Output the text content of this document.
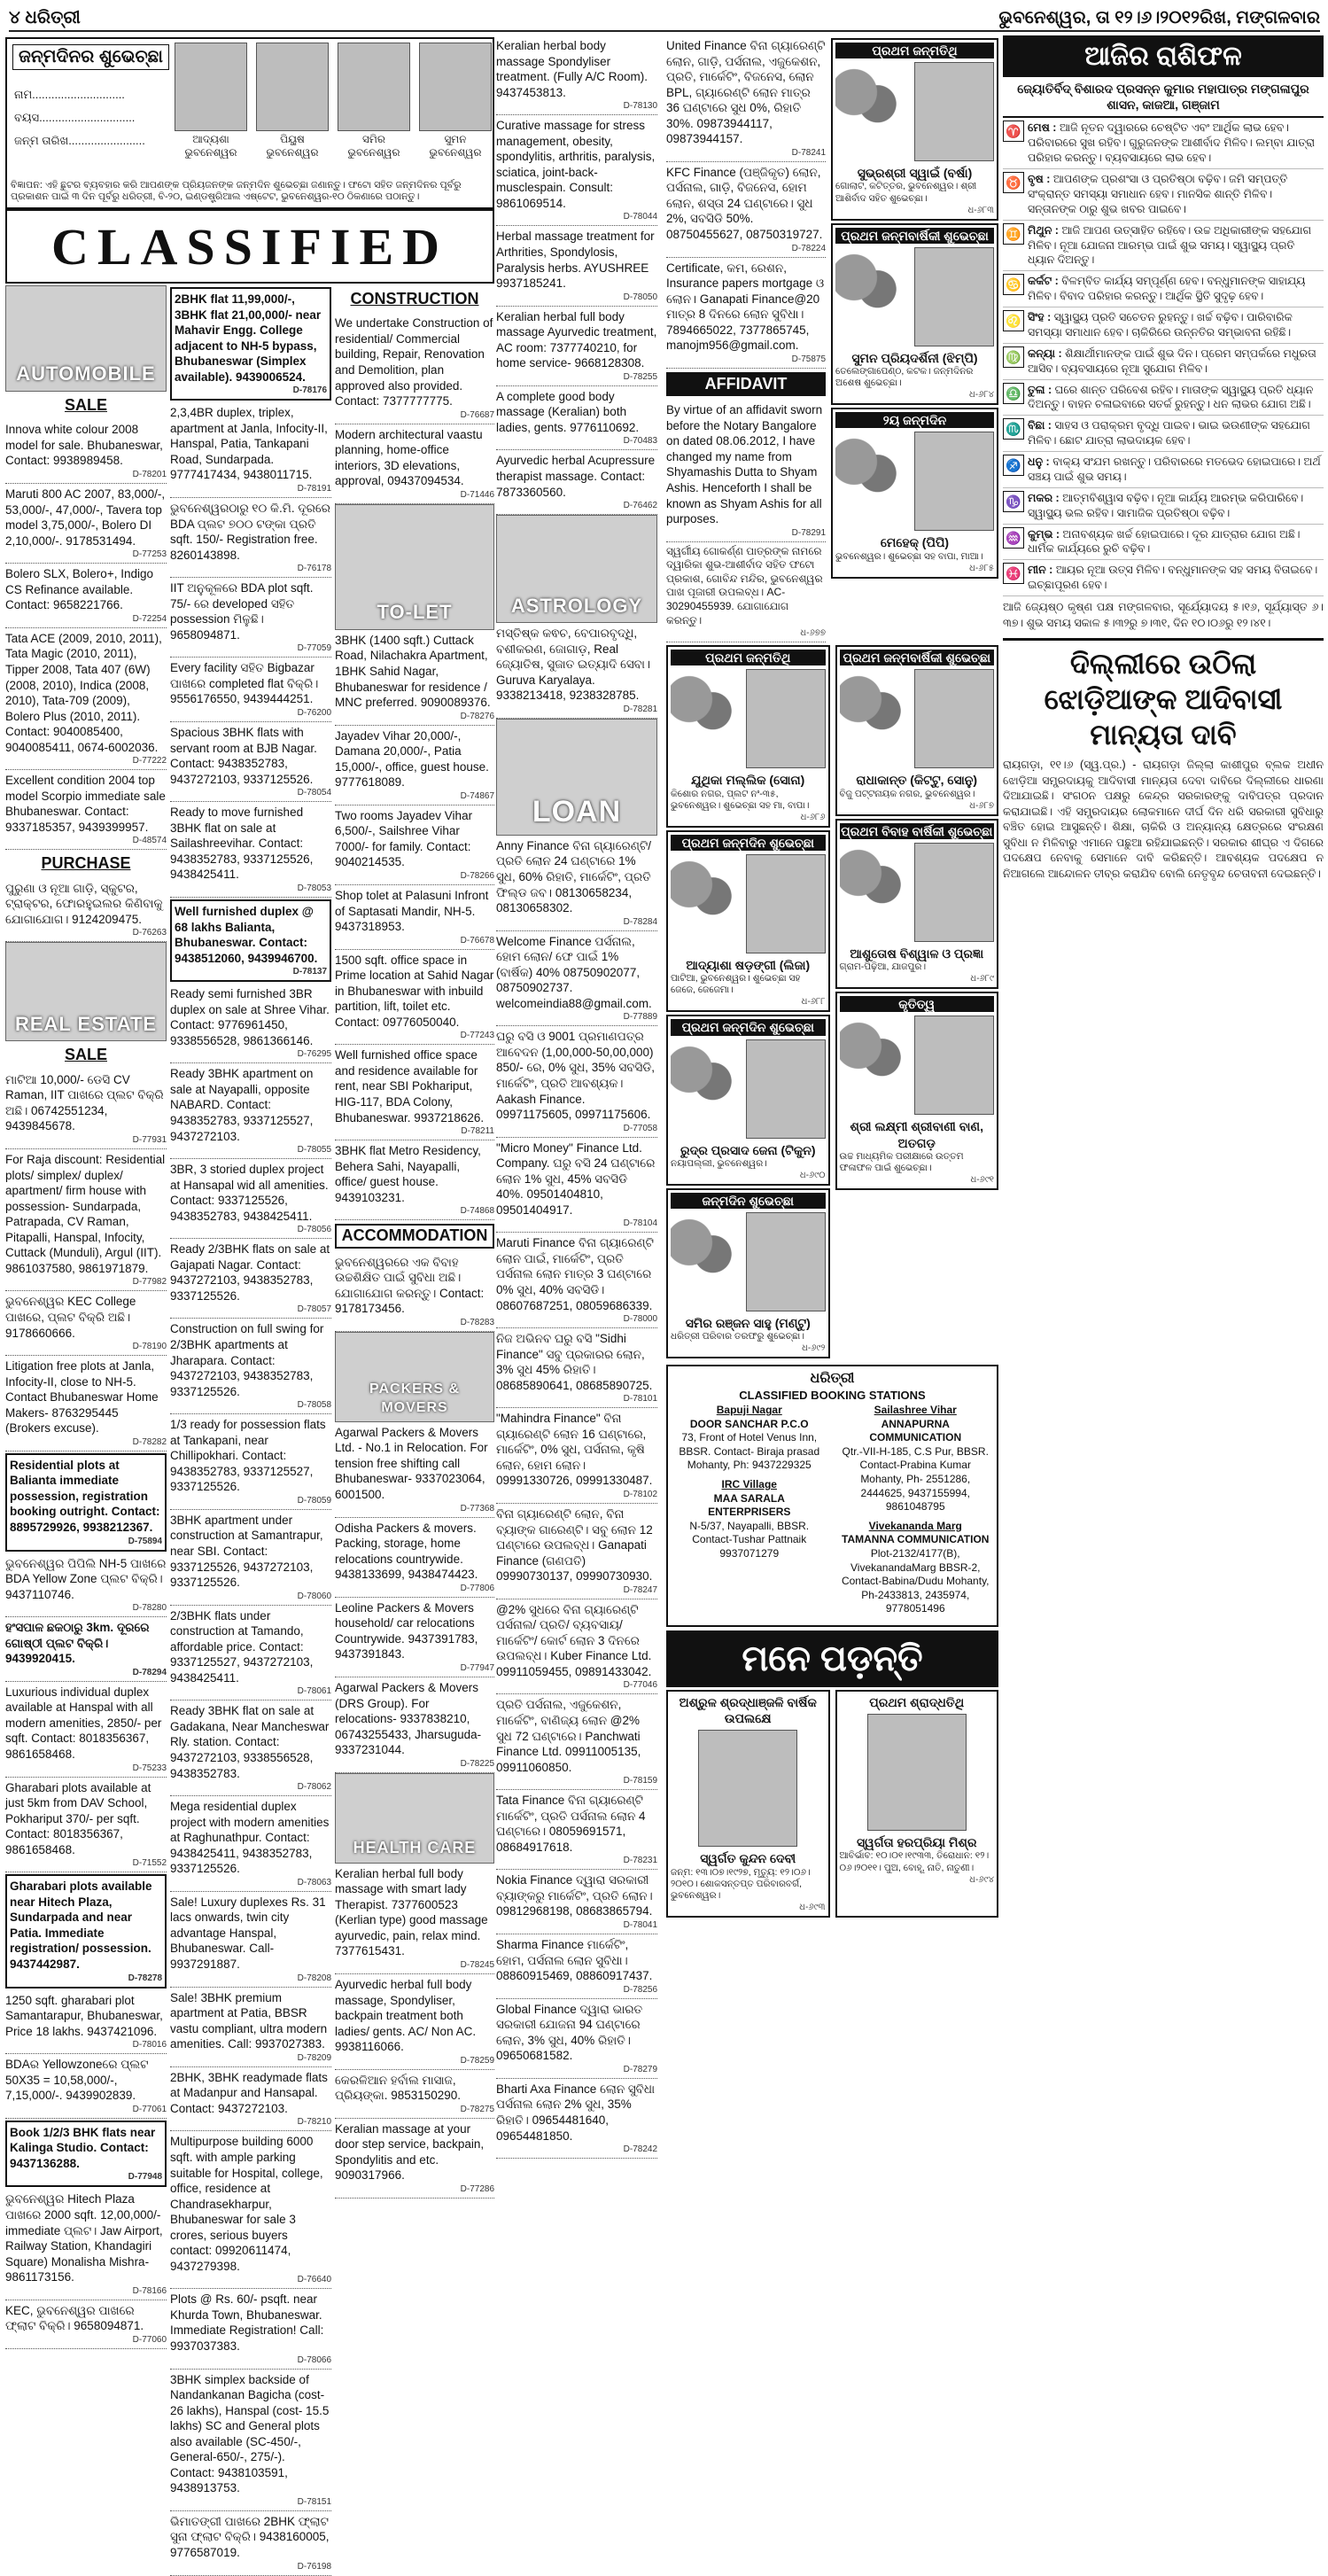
୪ ଧରିତ୍ରୀ	ଭୁବନେଶ୍ୱର, ତା ୧୨।୬।୨୦୧୨ରିଖ, ମଙ୍ଗଳବାର
ଜନ୍ମଦିନର ଶୁଭେଚ୍ଛା
ନାମ.............................
ବୟସ..............................
ଜନ୍ମ ତାରିଖ........................	ଆଦ୍ୟଶା
ଭୁବନେଶ୍ୱର
ପିୟୁଷ
ଭୁବନେଶ୍ୱର
ସମିର
ଭୁବନେଶ୍ୱର
ସୁମନ
ଭୁବନେଶ୍ୱର
ବିଜ୍ଞାପନ: ଏହି ଛୁଟର ବ୍ୟବହାର କରି ଆପଣଙ୍କ ପ୍ରିୟଜନଙ୍କ ଜନ୍ମଦିନ ଶୁଭେଚ୍ଛା ଜଣାନ୍ତୁ। ଫଟୋ ସହିତ ଜନ୍ମଦିନର ପୂର୍ବରୁ ପ୍ରକାଶନ ପାଇଁ ୩ ଦିନ ପୂର୍ବରୁ ଧରିତ୍ରୀ, ବି-୨୦, ଇଣ୍ଡଷ୍ଟ୍ରିଆଲ ଏଷ୍ଟେଟ, ଭୁବନେଶ୍ୱର-୧୦ ଠିକଣାରେ ପଠାନ୍ତୁ।
CLASSIFIED
AUTOMOBILE
SALE
Innova white colour 2008 model for sale. Bhubaneswar, Contact: 9938989458.
D-78201
Maruti 800 AC 2007, 83,000/-, 53,000/-, 47,000/-, Tavera top model 3,75,000/-, Bolero DI 2,10,000/-. 9178531494.
D-77253
Bolero SLX, Bolero+, Indigo CS Refinance available. Contact: 9658221766.
D-72254
Tata ACE (2009, 2010, 2011), Tata Magic (2010, 2011), Tipper 2008, Tata 407 (6W) (2008, 2010), Indica (2008, 2010), Tata-709 (2009), Bolero Plus (2010, 2011). Contact: 9040085400, 9040085411, 0674-6002036.
D-77222
Excellent condition 2004 top model Scorpio immediate sale Bhubaneswar. Contact: 9337185357, 9439399957.
D-48574
PURCHASE
ପୁରୁଣା ଓ ନୂଆ ଗାଡ଼ି, ସ୍କୁଟର, ଟ୍ରାକ୍ଟର, ଫୋରହୁଇଲର କିଣିବାକୁ ଯୋଗାଯୋଗ। 9124209475.
D-76263
REAL ESTATE
SALE
ମାଟିଆ 10,000/- ଡେସି CV Raman, IIT ପାଖରେ ପ୍ଲଟ ବିକ୍ରି ଅଛି। 06742551234, 9439845678.
D-77931
For Raja discount: Residential plots/ simplex/ duplex/ apartment/ firm house with possession- Sundarpada, Patrapada, CV Raman, Pitapalli, Hanspal, Infocity, Cuttack (Munduli), Argul (IIT). 9861037580, 9861971879.
D-77982
ଭୁବନେଶ୍ୱର KEC College ପାଖରେ, ପ୍ଲଟ ବିକ୍ରି ଅଛି। 9178660666.
D-78190
Litigation free plots at Janla, Infocity-II, close to NH-5. Contact Bhubaneswar Home Makers- 8763295445 (Brokers excuse).
D-78282
Residential plots at Balianta immediate possession, registration booking outright. Contact: 8895729926, 9938212367.
D-75894
ଭୁବନେଶ୍ୱର ପିପିଲି NH-5 ପାଖରେ BDA Yellow Zone ପ୍ଲଟ ବିକ୍ରି। 9437110746.
D-78280
ହଂସପାଳ ଛକଠାରୁ 3km. ଦୂରରେ ଗୋଷ୍ଠୀ ପ୍ଲଟ ବିକ୍ରି। 9439920415.
D-78294
Luxurious individual duplex available at Hanspal with all modern amenities, 2850/- per sqft. Contact: 8018356367, 9861658468.
D-75233
Gharabari plots available at just 5km from DAV School, Pokhariput 370/- per sqft. Contact: 8018356367, 9861658468.
D-71552
Gharabari plots available near Hitech Plaza, Sundarpada and near Patia. Immediate registration/ possession. 9437442987.
D-78278
1250 sqft. gharabari plot Samantarapur, Bhubaneswar, Price 18 lakhs. 9437421096.
D-78016
BDAର Yellowzoneରେ ପ୍ଲଟ 50X35 = 10,58,000/-, 7,15,000/-. 9439902839.
D-77061
Book 1/2/3 BHK flats near Kalinga Studio. Contact: 9437136288.
D-77948
ଭୁବନେଶ୍ୱର Hitech Plaza ପାଖରେ 2000 sqft. 12,00,000/- immediate ପ୍ଲଟ। Jaw Airport, Railway Station, Khandagiri Square) Monalisha Mishra- 9861173156.
D-78166
KEC, ଭୁବନେଶ୍ୱର ପାଖରେ ଫ୍ଲାଟ ବିକ୍ରି। 9658094871.
D-77060
2BHK flat 11,99,000/-, 3BHK flat 21,00,000/- near Mahavir Engg. College adjacent to NH-5 bypass, Bhubaneswar (Simplex available). 9439006524.
D-78176
2,3,4BR duplex, triplex, apartment at Janla, Infocity-II, Hanspal, Patia, Tankapani Road, Sundarpada. 9777417434, 9438011715.
D-78191
ଭୁବନେଶ୍ୱରଠାରୁ ୧୦ କି.ମି. ଦୂରରେ BDA ପ୍ଲଟ ୭୦୦ ଟଙ୍କା ପ୍ରତି sqft. 150/- Registration free. 8260143898.
D-76178
IIT ଅନୁକୂଳରେ BDA plot sqft. 75/- ରେ developed ସହିତ possession ମିଳୁଛି। 9658094871.
D-77059
Every facility ସହିତ Bigbazar ପାଖରେ completed flat ବିକ୍ରି। 9556176550, 9439444251.
D-76200
Spacious 3BHK flats with servant room at BJB Nagar. Contact: 9438352783, 9437272103, 9337125526.
D-78054
Ready to move furnished 3BHK flat on sale at Sailashreevihar. Contact: 9438352783, 9337125526, 9438425411.
D-78053
Well furnished duplex @ 68 lakhs Balianta, Bhubaneswar. Contact: 9438512060, 9439946700.
D-78137
Ready semi furnished 3BR duplex on sale at Shree Vihar. Contact: 9776961450, 9338556528, 9861366146.
D-76295
Ready 3BHK apartment on sale at Nayapalli, opposite NABARD. Contact: 9438352783, 9337125527, 9437272103.
D-78055
3BR, 3 storied duplex project at Hansapal wid all amenities. Contact: 9337125526, 9438352783, 9438425411.
D-78056
Ready 2/3BHK flats on sale at Gajapati Nagar. Contact: 9437272103, 9438352783, 9337125526.
D-78057
Construction on full swing for 2/3BHK apartments at Jharapara. Contact: 9437272103, 9438352783, 9337125526.
D-78058
1/3 ready for possession flats at Tankapani, near Chillipokhari. Contact: 9438352783, 9337125527, 9337125526.
D-78059
3BHK apartment under construction at Samantrapur, near SBI. Contact: 9337125526, 9437272103, 9337125526.
D-78060
2/3BHK flats under construction at Tamando, affordable price. Contact: 9337125527, 9437272103, 9438425411.
D-78061
Ready 3BHK flat on sale at Gadakana, Near Mancheswar Rly. station. Contact: 9437272103, 9338556528, 9438352783.
D-78062
Mega residential duplex project with modern amenities at Raghunathpur. Contact: 9438425411, 9438352783, 9337125526.
D-78063
Sale! Luxury duplexes Rs. 31 lacs onwards, twin city advantage Hanspal, Bhubaneswar. Call-9937291887.
D-78208
Sale! 3BHK premium apartment at Patia, BBSR vastu compliant, ultra modern amenities. Call: 9937027383.
D-78209
2BHK, 3BHK readymade flats at Madanpur and Hansapal. Contact: 9437272103.
D-78210
Multipurpose building 6000 sqft. with ample parking suitable for Hospital, college, office, residence at Chandrasekharpur, Bhubaneswar for sale 3 crores, serious buyers contact: 09920611474, 9437279398.
D-76640
Plots @ Rs. 60/- psqft. near Khurda Town, Bhubaneswar. Immediate Registration! Call: 9937037383.
D-78066
3BHK simplex backside of Nandankanan Bagicha (cost-26 lakhs), Hanspal (cost- 15.5 lakhs) SC and General plots also available (SC-450/-, General-650/-, 275/-). Contact: 9438103591, 9438913753.
D-78151
ଭିମାତଙ୍ଗୀ ପାଖରେ 2BHK ଫ୍ଲାଟ ସୁନା ଫ୍ଲାଟ ବିକ୍ରି। 9438160005, 9776587019.
D-76198
CONSTRUCTION
We undertake Construction of residential/ Commercial building, Repair, Renovation and Demolition, plan approved also provided. Contact: 7377777775.
D-76687
Modern architectural vaastu planning, home-office interiors, 3D elevations, approval, 09437094534.
D-71446
TO-LET
3BHK (1400 sqft.) Cuttack Road, Nilachakra Apartment, 1BHK Sahid Nagar, Bhubaneswar for residence / MNC preferred. 9090089376.
D-78276
Jayadev Vihar 20,000/-, Damana 20,000/-, Patia 15,000/-, office, guest house. 9777618089.
D-74867
Two rooms Jayadev Vihar 6,500/-, Sailshree Vihar 7000/- for family. Contact: 9040214535.
D-78266
Shop tolet at Palasuni Infront of Saptasati Mandir, NH-5. 9437318953.
D-76678
1500 sqft. office space in Prime location at Sahid Nagar in Bhubaneswar with inbuild partition, lift, toilet etc. Contact: 09776050040.
D-77243
Well furnished office space and residence available for rent, near SBI Pokhariput, HIG-117, BDA Colony, Bhubaneswar. 9937218626.
D-78211
3BHK flat Metro Residency, Behera Sahi, Nayapalli, office/ guest house. 9439103231.
D-74868
ACCOMMODATION
ଭୁବନେଶ୍ୱରରେ ଏକ ବିବାହ ଉଚ୍ଚଶିକ୍ଷିତ ପାଇଁ ସୁବିଧା ଅଛି। ଯୋଗାଯୋଗ କରନ୍ତୁ। Contact: 9178173456.
D-78283
PACKERS & MOVERS
Agarwal Packers & Movers Ltd. - No.1 in Relocation. For tension free shifting call Bhubaneswar- 9337023064, 6001500.
D-77368
Odisha Packers & movers. Packing, storage, home relocations countrywide. 9438133699, 9438474423.
D-77806
Leoline Packers & Movers household/ car relocations Countrywide. 9437391783, 9437391843.
D-77947
Agarwal Packers & Movers (DRS Group). For relocations- 9337838210, 06743255433, Jharsuguda- 9337231044.
D-78225
HEALTH CARE
Keralian herbal full body massage with smart lady Therapist. 7377600523 (Kerlian type) good massage ayurvedic, pain, relax mind. 7377615431.
D-78245
Ayurvedic herbal full body massage, Spondyliser, backpain treatment both ladies/ gents. AC/ Non AC. 9938116066.
D-78259
କେରଳିଆନ ହର୍ବାଲ ମାସାଜ, ପ୍ରିୟଙ୍କା. 9853150290.
D-78275
Keralian massage at your door step service, backpain, Spondylitis and etc. 9090317966.
D-77286
Keralian herbal body massage Spondyliser treatment. (Fully A/C Room). 9437453813.
D-78130
Curative massage for stress management, obesity, spondylitis, arthritis, paralysis, sciatica, joint-back- musclespain. Consult: 9861069514.
D-78044
Herbal massage treatment for Arthrities, Spondylosis, Paralysis herbs. AYUSHREE 9937185241.
D-78050
Keralian herbal full body massage Ayurvedic treatment, AC room: 7377740210, for home service- 9668128308.
D-78255
A complete good body massage (Keralian) both ladies, gents. 9776110692.
D-70483
Ayurvedic herbal Acupressure therapist massage. Contact: 7873360560.
D-76462
ASTROLOGY
ମସ୍ତିଷ୍କ କଵଚ, ବେପାରବୃଦ୍ଧି, ବଶୀକରଣ, ଜୋଗାଡ଼, Real ଜ୍ୟୋତିଷ, ସୁଜାତ ଇତ୍ୟାଦି ସେବା। Guruva Karyalaya. 9338213418, 9238328785.
D-78281
LOAN
Anny Finance ବିନା ଗ୍ୟାରେଣ୍ଟି/ ପ୍ରତି ଲୋନ 24 ଘଣ୍ଟାରେ 1% ସୁଧ, 60% ରିହାତି, ମାର୍କେଟିଂ, ପ୍ରତି ଫିଲ୍ଡ ଜବ। 08130658234, 08130658302.
D-78284
Welcome Finance ପର୍ସନାଲ, ହୋମ ଲୋନ/ ଫେ ପାଇଁ 1% (ବାର୍ଷିକ) 40% 08750902077, 08750902737. welcomeindia88@gmail.com.
D-77889
ଘରୁ ବସି ଓ 9001 ପ୍ରମାଣପତ୍ର ଆବେଦନ (1,00,000-50,00,000) 850/- ରେ, 0% ସୁଧ, 35% ସବସିଡି, ମାର୍କେଟିଂ, ପ୍ରତି ଆବଶ୍ୟକ। Aakash Finance. 09971175605, 09971175606.
D-77058
"Micro Money" Finance Ltd. Company. ଘରୁ ବସି 24 ଘଣ୍ଟାରେ ଲୋନ 1% ସୁଧ, 45% ସବସିଡି 40%. 09501404810, 09501404917.
D-78104
Maruti Finance ବିନା ଗ୍ୟାରେଣ୍ଟି ଲୋନ ପାଇଁ, ମାର୍କେଟିଂ, ପ୍ରତି ପର୍ସନାଲ ଲୋନ ମାତ୍ର 3 ଘଣ୍ଟାରେ 0% ସୁଧ, 40% ସବସିଡି। 08607687251, 08059686339.
D-78000
ନିଜ ଅଭିନବ ଘରୁ ବସି "Sidhi Finance" ସବୁ ପ୍ରକାରର ଲୋନ, 3% ସୁଧ 45% ରିହାତି। 08685890641, 08685890725.
D-78101
"Mahindra Finance" ବିନା ଗ୍ୟାରେଣ୍ଟି ଲୋନ 16 ଘଣ୍ଟାରେ, ମାର୍କେଟିଂ, 0% ସୁଧ, ପର୍ସନାଲ, କୃଷି ଲୋନ, ହୋମ ଲୋନ। 09991330726, 09991330487.
D-78102
ବିନା ଗ୍ୟାରେଣ୍ଟି ଲୋନ, ବିନା ବ୍ୟାଙ୍କ ଗାରେଣ୍ଟି। ସବୁ ଲୋନ 12 ଘଣ୍ଟାରେ ଉପଲବ୍ଧ। Ganapati Finance (ଗଣପତି) 09990730137, 09990730930.
D-78247
@2% ସୁଧରେ ବିନା ଗ୍ୟାରେଣ୍ଟି ପର୍ସନାଲ/ ପ୍ରତି/ ବ୍ୟବସାୟ/ ମାର୍କେଟିଂ/ କୋର୍ଟ ଲୋନ 3 ଦିନରେ ଉପଲବ୍ଧ। Kuber Finance Ltd. 09911059455, 09891433042.
D-77046
ପ୍ରତି ପର୍ସନାଲ, ଏଜୁକେଶନ, ମାର୍କେଟିଂ, ବାଣିଜ୍ୟ ଲୋନ @2% ସୁଧ 72 ଘଣ୍ଟାରେ। Panchwati Finance Ltd. 09911005135, 09911060850.
D-78159
Tata Finance ବିନା ଗ୍ୟାରେଣ୍ଟି ମାର୍କେଟିଂ, ପ୍ରତି ପର୍ସନାଲ ଲୋନ 4 ଘଣ୍ଟାରେ। 08059691571, 08684917618.
D-78231
Nokia Finance ଦ୍ୱାରା ସରକାରୀ ବ୍ୟାଙ୍କରୁ ମାର୍କେଟିଂ, ପ୍ରତି ଲୋନ। 09812968198, 08683865794.
D-78041
Sharma Finance ମାର୍କେଟିଂ, ହୋମ, ପର୍ସନାଲ ଲୋନ ସୁବିଧା। 08860915469, 08860917437.
D-78256
Global Finance ଦ୍ୱାରା ଭାରତ ସରକାରୀ ଯୋଜନା 94 ଘଣ୍ଟାରେ ଲୋନ, 3% ସୁଧ, 40% ରିହାତି। 09650681582.
D-78279
Bharti Axa Finance ଲୋନ ସୁବିଧା ପର୍ସନାଲ ଲୋନ 2% ସୁଧ, 35% ରିହାତି। 09654481640, 09654481850.
D-78242
United Finance ବିନା ଗ୍ୟାରେଣ୍ଟି ଲୋନ, ଗାଡ଼ି, ପର୍ସନାଲ, ଏଜୁକେଶନ, ପ୍ରତି, ମାର୍କେଟିଂ, ବିଜନେସ, ଲୋନ BPL, ଗ୍ୟାରେଣ୍ଟି ଲୋନ ମାତ୍ର 36 ଘଣ୍ଟାରେ ସୁଧ 0%, ରିହାତି 30%. 09873944117, 09873944157.
D-78241
KFC Finance (ପଞ୍ଜିକୃତ) ଲୋନ, ପର୍ସନାଲ, ଗାଡ଼ି, ବିଜନେସ, ହୋମ ଲୋନ, ଶସ୍ତା 24 ଘଣ୍ଟାରେ। ସୁଧ 2%, ସବସିଡି 50%. 08750455627, 08750319727.
D-78224
Certificate, କମ, ରେଶନ, Insurance papers mortgage ଓ ଲୋନ। Ganapati Finance@20 ମାତ୍ର 8 ଦିନରେ ଲୋନ ସୁବିଧା। 7894665022, 7377865745, manojm956@gmail.com.
D-75875
AFFIDAVIT
By virtue of an affidavit sworn before the Notary Bangalore on dated 08.06.2012, I have changed my name from Shyamashis Dutta to Shyam Ashis. Henceforth I shall be known as Shyam Ashis for all purposes.
D-78291
ସ୍ୱର୍ଗୀୟ ଗୋକର୍ଣ୍ଣ ପାତ୍ରଙ୍କ ନାମରେ ଦ୍ୱାରିକା ଶୁଭ-ଆଶୀର୍ବାଦ ସହିତ ଫଟୋ ପ୍ରକାଶ, ଗୋବିନ୍ଦ ମନ୍ଦିର, ଭୁବନେଶ୍ୱର ପାଖ ପୂଜାରୀ ଉପଲବ୍ଧ। AC- 30290455939. ଯୋଗାଯୋଗ କରନ୍ତୁ।
ଧ-୬୭୭
ପ୍ରଥମ ଜନ୍ମତିଥି
ସୁଭ୍ରଶ୍ରୀ ସ୍ୱାଇଁ (ବର୍ଷା)
ଗୋଲାଟ, କଟିତ୍ତର, ଭୁବନେଶ୍ୱର। ଶ୍ରୀ ଆଶିର୍ବାଦ ସହିତ ଶୁଭେଚ୍ଛା।
ଧ-୬୮୩
ପ୍ରଥମ ଜନ୍ମବାର୍ଷିକୀ ଶୁଭେଚ୍ଛା
ସୁମନ ପ୍ରିୟଦର୍ଶିନୀ (ଝିମ୍ପି)
ତେଲେଙ୍ଗାପେଣ୍ଠ, କଟକ। ଜନ୍ମଦିନର ଅଶେଷ ଶୁଭେଚ୍ଛା।
ଧ-୬୮୪
୨ୟ ଜନ୍ମଦିନ
ମେହେକ୍ (ପିପି)
ଭୁବନେଶ୍ୱର। ଶୁଭେଚ୍ଛା ସହ ବାପା, ମାଆ।
ଧ-୬୮୫
ପ୍ରଥମ ଜନ୍ମତିଥି
ଯୁଥିକା ମଲ୍ଲିକ (ସୋନା)
କିଶୋର ନଗର, ପ୍ଲଟ ନଂ-୩୫, ଭୁବନେଶ୍ୱର। ଶୁଭେଚ୍ଛା ସହ ମା, ବାପା।
ଧ-୬୮୬
ପ୍ରଥମ ଜନ୍ମଦିନ ଶୁଭେଚ୍ଛା
ଆଦ୍ୟାଶା ଷଡ଼ଙ୍ଗୀ (ଲିଜା)
ପାଟିଆ, ଭୁବନେଶ୍ୱର। ଶୁଭେଚ୍ଛା ସହ ଜେଜେ, ଜେଜେମା।
ଧ-୬୮୮
ପ୍ରଥମ ଜନ୍ମଦିନ ଶୁଭେଚ୍ଛା
ରୁଦ୍ର ପ୍ରସାଦ ଜେନା (ଟିକୁନ)
ନୟାପଲ୍ଲୀ, ଭୁବନେଶ୍ୱର।
ଧ-୬୯୦
ଜନ୍ମଦିନ ଶୁଭେଚ୍ଛା
ସମିର ରଞ୍ଜନ ସାହୁ (ମଣ୍ଟୁ)
ଧରିତ୍ରୀ ପରିବାର ତରଫରୁ ଶୁଭେଚ୍ଛା।
ଧ-୬୯୨
ପ୍ରଥମ ଜନ୍ମବାର୍ଷିକୀ ଶୁଭେଚ୍ଛା
ରାଧାକାନ୍ତ (କିଟ୍ଟୁ, ସୋନୁ)
ବିଜୁ ପଟ୍ଟନାୟକ ନଗର, ଭୁବନେଶ୍ୱର।
ଧ-୬୮୭
ପ୍ରଥମ ବିବାହ ବାର୍ଷିକୀ ଶୁଭେଚ୍ଛା
ଆଶୁତୋଷ ବିଶ୍ୱାଳ ଓ ପ୍ରଜ୍ଞା
ଗ୍ରାମ-ପିଢ଼ିଆ, ଯାଜପୁର।
ଧ-୬୮୯
କୃତିତ୍ୱ
ଶ୍ରୀ ଲକ୍ଷ୍ମୀ ଶ୍ରୀବାଣୀ ବାଣ, ଅତଗଡ଼
ଉଚ୍ଚ ମାଧ୍ୟମିକ ପରୀକ୍ଷାରେ ଉତ୍ତମ ଫଳାଫଳ ପାଇଁ ଶୁଭେଚ୍ଛା।
ଧ-୬୯୧
ଧରିତ୍ରୀ
CLASSIFIED BOOKING STATIONS
Bapuji Nagar
DOOR SANCHAR P.C.O
73, Front of Hotel Venus Inn, BBSR. Contact- Biraja prasad Mohanty, Ph: 9437229325
IRC Village
MAA SARALA ENTERPRISERS
N-5/37, Nayapalli, BBSR. Contact-Tushar Pattnaik 9937071279
Sailashree Vihar
ANNAPURNA COMMUNICATION
Qtr.-VII-H-185, C.S Pur, BBSR. Contact-Prabina Kumar Mohanty, Ph- 2551286, 2444625, 9437155994, 9861048795
Vivekananda Marg
TAMANNA COMMUNICATION
Plot-2132/4177(B), VivekanandaMarg BBSR-2, Contact-Babina/Dudu Mohanty, Ph-2433813, 2435974, 9778051496
ମନେ ପଡ଼ନ୍ତି
ଅଶ୍ରୁଳ ଶ୍ରଦ୍ଧାଞ୍ଜଳି ବାର୍ଷିକ ଉପଲକ୍ଷେ
ସ୍ୱର୍ଗତ କୁନ୍ଦନ ଦେବୀ
ଜନ୍ମ: ୧୩।୦୭।୧୯୨୭, ମୃତ୍ୟୁ: ୧୨।୦୬।୨୦୧୦। ଶୋକସନ୍ତପ୍ତ ପରିବାରବର୍ଗ, ଭୁବନେଶ୍ୱର।
ଧ-୬୯୩
ପ୍ରଥମ ଶ୍ରାଦ୍ଧତିଥି
ସ୍ୱର୍ଗତା ହରପ୍ରିୟା ମିଶ୍ର
ଆବିର୍ଭାବ: ୧୦।୦୧।୧୯୩୩, ତିରୋଧାନ: ୧୨।୦୬।୨୦୧୧। ପୁଅ, ବୋହୂ, ନାତି, ନାତୁଣୀ।
ଧ-୬୯୪
ଆଜିର ରାଶିଫଳ
ଜ୍ୟୋତିର୍ବିଦ୍ ବିଶାରଦ ପ୍ରସନ୍ନ କୁମାର ମହାପାତ୍ର ମଙ୍ଗଳାପୁର ଶାସନ, କାଜଆ, ଗଞ୍ଜାମ
♈ ମେଷ : ଆଜି ନୂତନ ଦ୍ୱାରରେ ଚେଷ୍ଟିତ ଏବଂ ଆର୍ଥିକ ଲାଭ ହେବ। ପରିବାରରେ ସୁଖ ରହିବ। ଗୁରୁଜନଙ୍କ ଆଶୀର୍ବାଦ ମିଳିବ। ଲମ୍ବା ଯାତ୍ରା ପରିହାର କରନ୍ତୁ। ବ୍ୟବସାୟରେ ଲାଭ ହେବ।
♉ ବୃଷ : ଆପଣଙ୍କ ପ୍ରଶଂସା ଓ ପ୍ରତିଷ୍ଠା ବଢ଼ିବ। ଜମି ସମ୍ପତ୍ତି ସଂକ୍ରାନ୍ତ ସମସ୍ୟା ସମାଧାନ ହେବ। ମାନସିକ ଶାନ୍ତି ମିଳିବ। ସନ୍ତାନଙ୍କ ଠାରୁ ଶୁଭ ଖବର ପାଇବେ।
♊ ମିଥୁନ : ଆଜି ଆପଣ ଉତ୍ସାହିତ ରହିବେ। ଉଚ୍ଚ ଅଧିକାରୀଙ୍କ ସହଯୋଗ ମିଳିବ। ନୂଆ ଯୋଜନା ଆରମ୍ଭ ପାଇଁ ଶୁଭ ସମୟ। ସ୍ୱାସ୍ଥ୍ୟ ପ୍ରତି ଧ୍ୟାନ ଦିଅନ୍ତୁ।
♋ କର୍କଟ : ବିଳମ୍ବିତ କାର୍ଯ୍ୟ ସମ୍ପୂର୍ଣ୍ଣ ହେବ। ବନ୍ଧୁମାନଙ୍କ ସାହାଯ୍ୟ ମିଳିବ। ବିବାଦ ପରିହାର କରନ୍ତୁ। ଆର୍ଥିକ ସ୍ଥିତି ସୁଦୃଢ଼ ହେବ।
♌ ସିଂହ : ସ୍ୱାସ୍ଥ୍ୟ ପ୍ରତି ସଚେତନ ରୁହନ୍ତୁ। ଖର୍ଚ୍ଚ ବଢ଼ିବ। ପାରିବାରିକ ସମସ୍ୟା ସମାଧାନ ହେବ। ଚାକିରିରେ ଉନ୍ନତିର ସମ୍ଭାବନା ରହିଛି।
♍ କନ୍ୟା : ଶିକ୍ଷାର୍ଥୀମାନଙ୍କ ପାଇଁ ଶୁଭ ଦିନ। ପ୍ରେମ ସମ୍ପର୍କରେ ମଧୁରତା ଆସିବ। ବ୍ୟବସାୟରେ ନୂଆ ସୁଯୋଗ ମିଳିବ।
♎ ତୁଳା : ଘରେ ଶାନ୍ତ ପରିବେଶ ରହିବ। ମାତାଙ୍କ ସ୍ୱାସ୍ଥ୍ୟ ପ୍ରତି ଧ୍ୟାନ ଦିଅନ୍ତୁ। ବାହନ ଚଳାଇବାରେ ସତର୍କ ରୁହନ୍ତୁ। ଧନ ଲାଭର ଯୋଗ ଅଛି।
♏ ବିଛା : ସାହସ ଓ ପରାକ୍ରମ ବୃଦ୍ଧି ପାଇବ। ଭାଇ ଭଉଣୀଙ୍କ ସହଯୋଗ ମିଳିବ। ଛୋଟ ଯାତ୍ରା ଲାଭଦାୟକ ହେବ।
♐ ଧନୁ : ବାକ୍ୟ ସଂଯମ ରଖନ୍ତୁ। ପରିବାରରେ ମତଭେଦ ହୋଇପାରେ। ଅର୍ଥ ସଞ୍ଚୟ ପାଇଁ ଶୁଭ ସମୟ।
♑ ମକର : ଆତ୍ମବିଶ୍ୱାସ ବଢ଼ିବ। ନୂଆ କାର୍ଯ୍ୟ ଆରମ୍ଭ କରିପାରିବେ। ସ୍ୱାସ୍ଥ୍ୟ ଭଲ ରହିବ। ସାମାଜିକ ପ୍ରତିଷ୍ଠା ବଢ଼ିବ।
♒ କୁମ୍ଭ : ଅନାବଶ୍ୟକ ଖର୍ଚ୍ଚ ହୋଇପାରେ। ଦୂର ଯାତ୍ରାର ଯୋଗ ଅଛି। ଧାର୍ମିକ କାର୍ଯ୍ୟରେ ରୁଚି ବଢ଼ିବ।
♓ ମୀନ : ଆୟର ନୂଆ ଉତ୍ସ ମିଳିବ। ବନ୍ଧୁମାନଙ୍କ ସହ ସମୟ ବିତାଇବେ। ଇଚ୍ଛାପୂରଣ ହେବ।
ଆଜି ଜ୍ୟେଷ୍ଠ କୃଷ୍ଣ ପକ୍ଷ ମଙ୍ଗଳବାର, ସୂର୍ଯ୍ୟୋଦୟ ୫।୧୬, ସୂର୍ଯ୍ୟାସ୍ତ ୬।୩୭। ଶୁଭ ସମୟ ସକାଳ ୫।୩୨ରୁ ୭।୩୧, ଦିନ ୧୦।୦୬ରୁ ୧୨।୪୧।
ଦିଲ୍ଲୀରେ ଉଠିଲା ଝୋଡ଼ିଆଙ୍କ ଆଦିବାସୀ ମାନ୍ୟତା ଦାବି
ରାୟଗଡ଼ା, ୧୧।୬ (ସ୍ୱ.ପ୍ର.) - ରାୟଗଡ଼ା ଜିଲ୍ଲା କାଶୀପୁର ବ୍ଲକ ଅଧୀନ ଝୋଡ଼ିଆ ସମ୍ପ୍ରଦାୟକୁ ଆଦିବାସୀ ମାନ୍ୟତା ଦେବା ଦାବିରେ ଦିଲ୍ଲୀରେ ଧାରଣା ଦିଆଯାଇଛି। ସଂଗଠନ ପକ୍ଷରୁ କେନ୍ଦ୍ର ସରକାରଙ୍କୁ ଦାବିପତ୍ର ପ୍ରଦାନ କରାଯାଇଛି। ଏହି ସମ୍ପ୍ରଦାୟର ଲୋକମାନେ ଦୀର୍ଘ ଦିନ ଧରି ସରକାରୀ ସୁବିଧାରୁ ବଞ୍ଚିତ ହୋଇ ଆସୁଛନ୍ତି। ଶିକ୍ଷା, ଚାକିରି ଓ ଅନ୍ୟାନ୍ୟ କ୍ଷେତ୍ରରେ ସଂରକ୍ଷଣ ସୁବିଧା ନ ମିଳିବାରୁ ଏମାନେ ପଛୁଆ ରହିଯାଇଛନ୍ତି। ସରକାର ଶୀଘ୍ର ଏ ଦିଗରେ ପଦକ୍ଷେପ ନେବାକୁ ସେମାନେ ଦାବି କରିଛନ୍ତି। ଆବଶ୍ୟକ ପଦକ୍ଷେପ ନ ନିଆଗଲେ ଆନ୍ଦୋଳନ ତୀବ୍ର କରାଯିବ ବୋଲି ନେତୃବୃନ୍ଦ ଚେତାବନୀ ଦେଇଛନ୍ତି।
